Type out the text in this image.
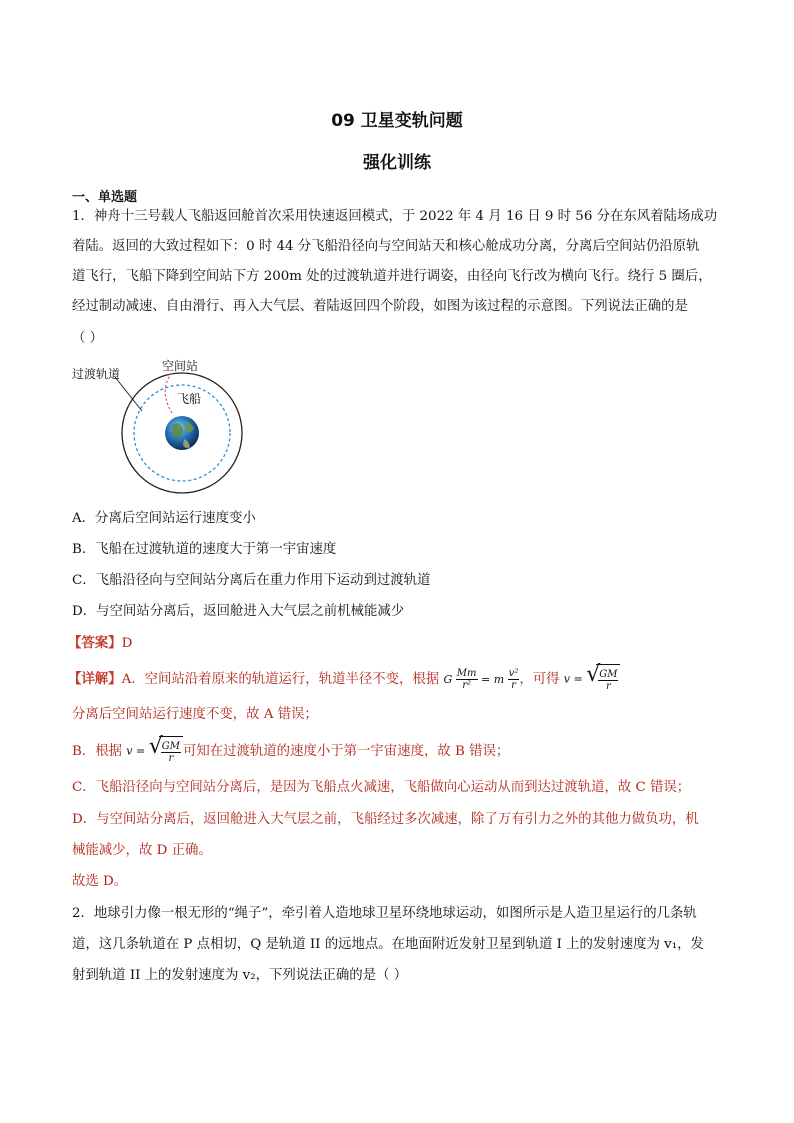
09 卫星变轨问题
强化训练
一、单选题
1．神舟十三号载人飞船返回舱首次采用快速返回模式，于 2022 年 4 月 16 日 9 时 56 分在东风着陆场成功
着陆。返回的大致过程如下：0 时 44 分飞船沿径向与空间站天和核心舱成功分离，分离后空间站仍沿原轨
道飞行，飞船下降到空间站下方 200m 处的过渡轨道并进行调姿，由径向飞行改为横向飞行。绕行 5 圈后，
经过制动减速、自由滑行、再入大气层、着陆返回四个阶段，如图为该过程的示意图。下列说法正确的是
（ ）
过渡轨道
空间站
飞船
A．分离后空间站运行速度变小
B．飞船在过渡轨道的速度大于第一宇宙速度
C．飞船沿径向与空间站分离后在重力作用下运动到过渡轨道
D．与空间站分离后，返回舱进入大气层之前机械能减少
【答案】D
【详解】A．空间站沿着原来的轨道运行，轨道半径不变，根据 G $\frac{Mm}{\text{r²}} = m \frac{\text{v²}}{r}$ ，可得 v = √
$\frac{GM}{r}$
分离后空间站运行速度不变，故 A 错误；
B．根据 v = √
$\frac{GM}{r}$ 可知在过渡轨道的速度小于第一宇宙速度，故 B 错误；
C．飞船沿径向与空间站分离后，是因为飞船点火减速，飞船做向心运动从而到达过渡轨道，故 C 错误；
D．与空间站分离后，返回舱进入大气层之前，飞船经过多次减速，除了万有引力之外的其他力做负功，机
械能减少，故 D 正确。
故选 D。
2．地球引力像一根无形的“绳子”，牵引着人造地球卫星环绕地球运动，如图所示是人造卫星运行的几条轨
道，这几条轨道在 P 点相切，Q 是轨道 II 的远地点。在地面附近发射卫星到轨道 I 上的发射速度为 v₁，发
射到轨道 II 上的发射速度为 v₂，下列说法正确的是（ ）
